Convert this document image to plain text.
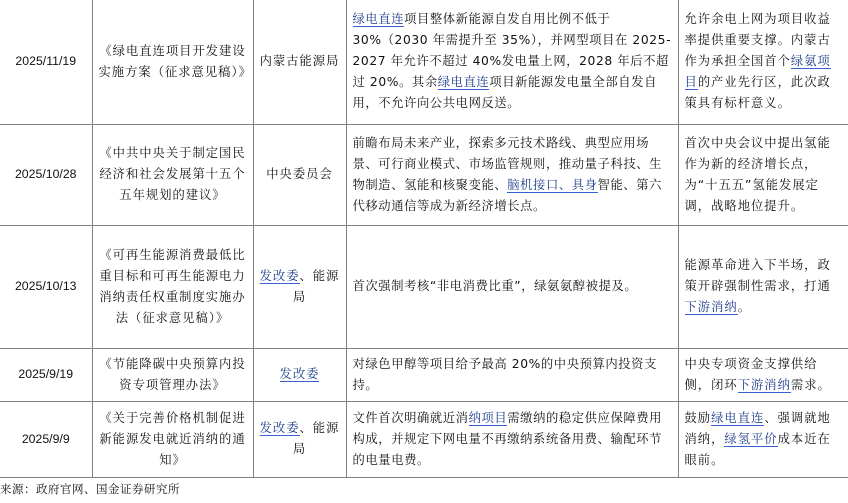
2025/11/19	《绿电直连项目开发建设实施方案（征求意见稿）》	内蒙古能源局	绿电直连项目整体新能源自发自用比例不低于30%（2030 年需提升至 35%），并网型项目在 2025-2027 年允许不超过 40%发电量上网，2028 年后不超过 20%。其余绿电直连项目新能源发电量全部自发自用，不允许向公共电网反送。	允许余电上网为项目收益率提供重要支撑。内蒙古作为承担全国首个绿氨项目的产业先行区，此次政策具有标杆意义。
2025/10/28	《中共中央关于制定国民经济和社会发展第十五个五年规划的建议》	中央委员会	前瞻布局未来产业，探索多元技术路线、典型应用场景、可行商业模式、市场监管规则，推动量子科技、生物制造、氢能和核聚变能、脑机接口、具身智能、第六代移动通信等成为新经济增长点。	首次中央会议中提出氢能作为新的经济增长点，为“十五五”氢能发展定调，战略地位提升。
2025/10/13	《可再生能源消费最低比重目标和可再生能源电力消纳责任权重制度实施办法（征求意见稿）》	发改委、能源局	首次强制考核“非电消费比重”，绿氨氨醇被提及。	能源革命进入下半场，政策开辟强制性需求，打通下游消纳。
2025/9/19	《节能降碳中央预算内投资专项管理办法》	发改委	对绿色甲醇等项目给予最高 20%的中央预算内投资支持。	中央专项资金支撑供给侧，闭环下游消纳需求。
2025/9/9	《关于完善价格机制促进新能源发电就近消纳的通知》	发改委、能源局	文件首次明确就近消纳项目需缴纳的稳定供应保障费用构成，并规定下网电量不再缴纳系统备用费、输配环节的电量电费。	鼓励绿电直连、强调就地消纳，绿氢平价成本近在眼前。
来源：政府官网、国金证券研究所
